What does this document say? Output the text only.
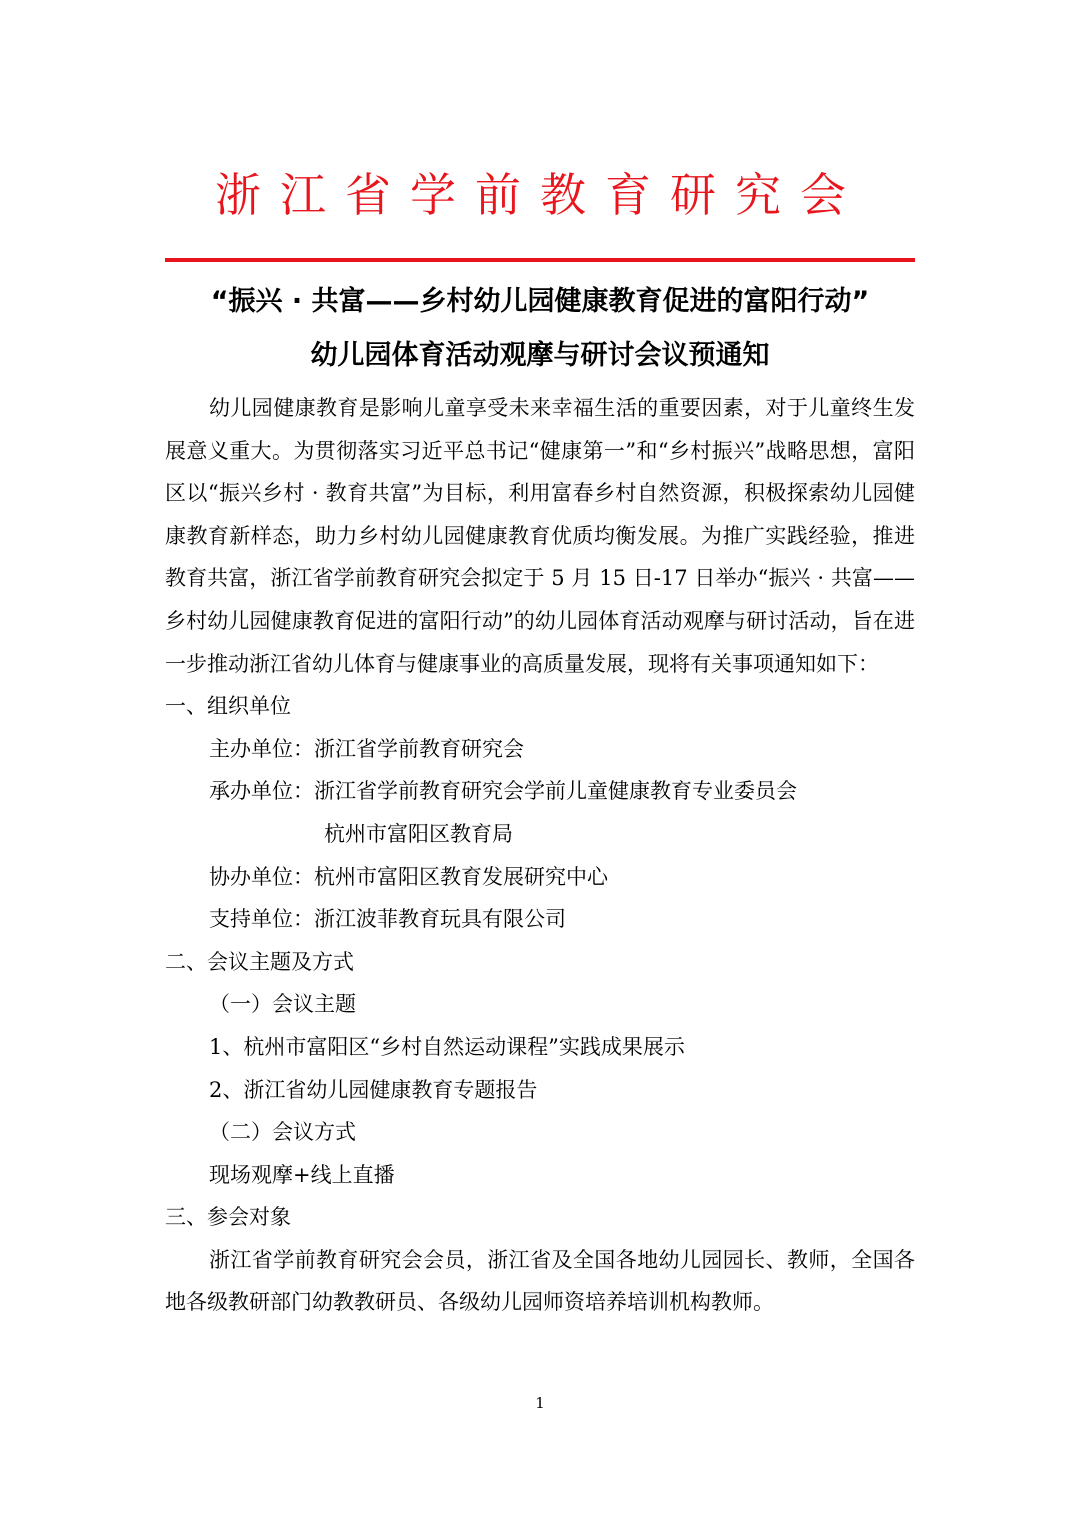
浙江省学前教育研究会
“振兴 · 共富——乡村幼儿园健康教育促进的富阳行动”
幼儿园体育活动观摩与研讨会议预通知

幼儿园健康教育是影响儿童享受未来幸福生活的重要因素，对于儿童终生发展意义重大。为贯彻落实习近平总书记“健康第一”和“乡村振兴”战略思想，富阳区以“振兴乡村 · 教育共富”为目标，利用富春乡村自然资源，积极探索幼儿园健康教育新样态，助力乡村幼儿园健康教育优质均衡发展。为推广实践经验，推进教育共富，浙江省学前教育研究会拟定于 5 月 15 日-17 日举办“振兴 · 共富——乡村幼儿园健康教育促进的富阳行动”的幼儿园体育活动观摩与研讨活动，旨在进一步推动浙江省幼儿体育与健康事业的高质量发展，现将有关事项通知如下：

一、组织单位

主办单位：浙江省学前教育研究会

承办单位：浙江省学前教育研究会学前儿童健康教育专业委员会

杭州市富阳区教育局

协办单位：杭州市富阳区教育发展研究中心

支持单位：浙江波菲教育玩具有限公司

二、会议主题及方式

（一）会议主题

1、杭州市富阳区“乡村自然运动课程”实践成果展示

2、浙江省幼儿园健康教育专题报告

（二）会议方式

现场观摩+线上直播

三、参会对象

浙江省学前教育研究会会员，浙江省及全国各地幼儿园园长、教师，全国各地各级教研部门幼教教研员、各级幼儿园师资培养培训机构教师。

1
